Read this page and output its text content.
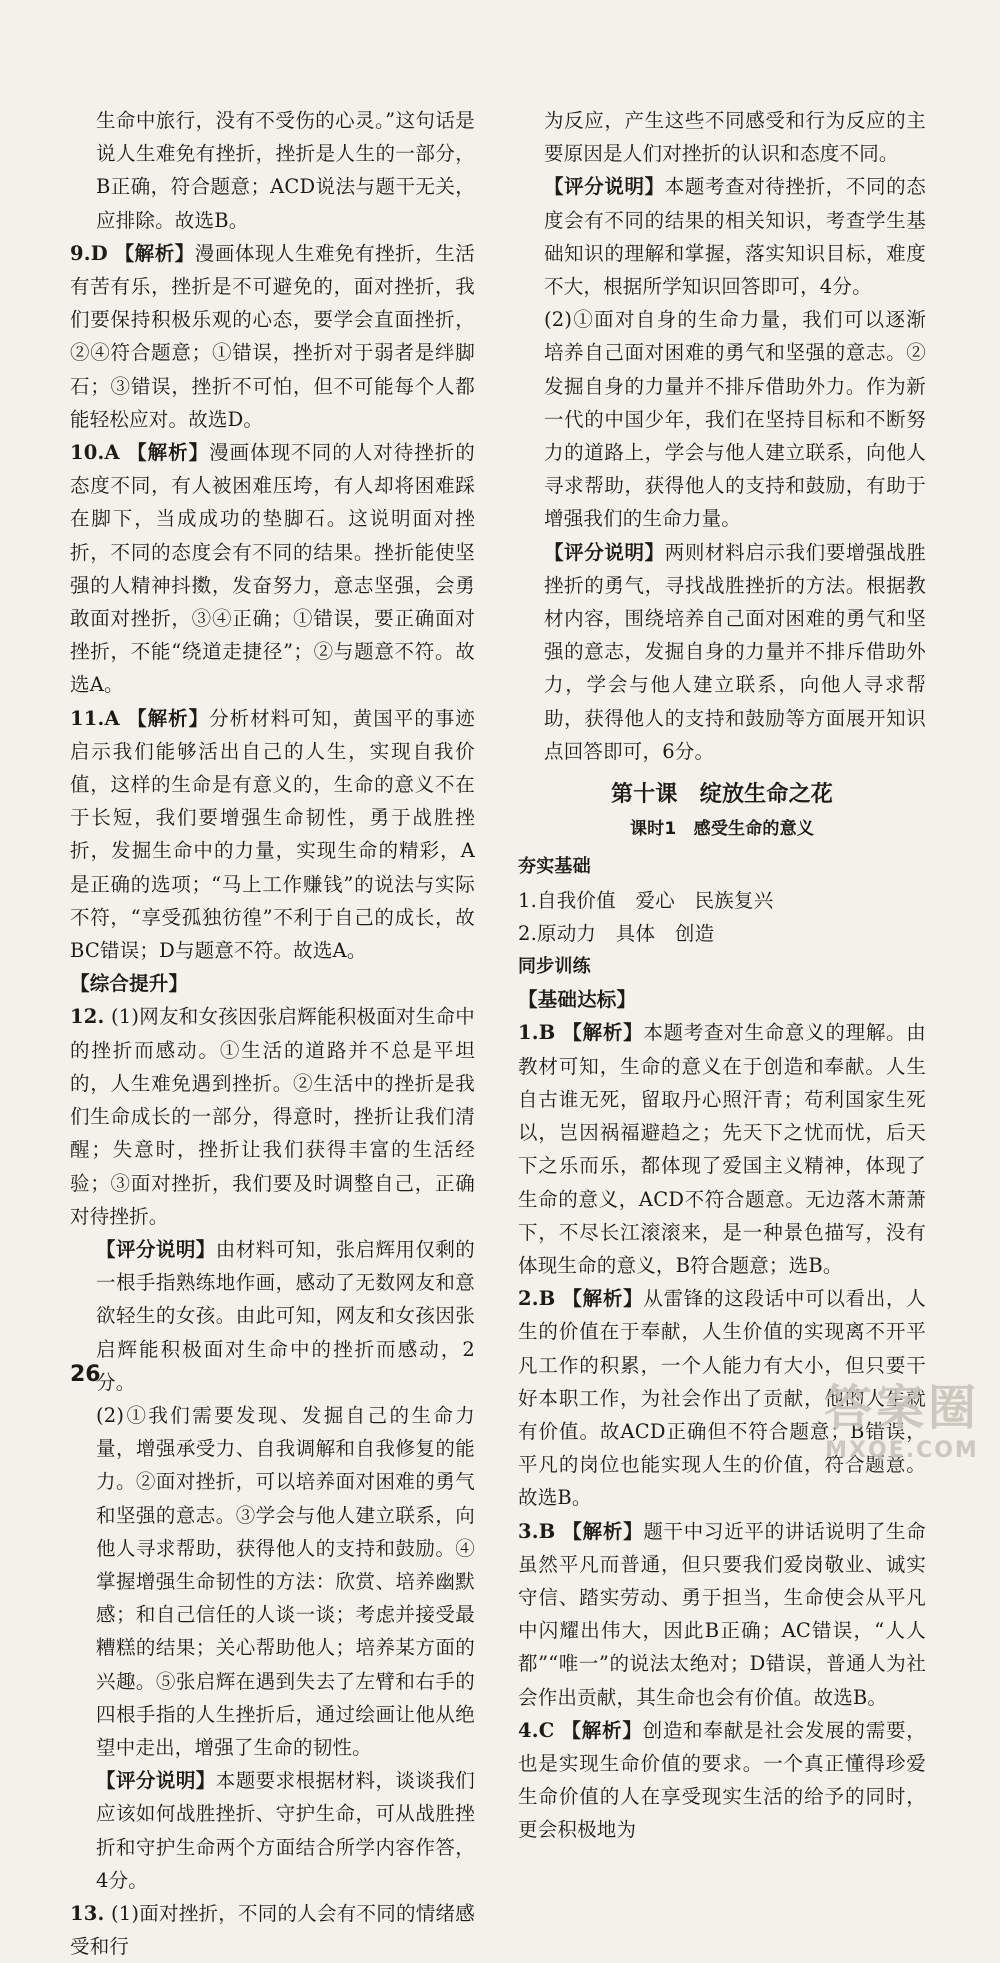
生命中旅行，没有不受伤的心灵。”这句话是说人生难免有挫折，挫折是人生的一部分，B正确，符合题意；ACD说法与题干无关，应排除。故选B。

9.D 【解析】漫画体现人生难免有挫折，生活有苦有乐，挫折是不可避免的，面对挫折，我们要保持积极乐观的心态，要学会直面挫折，②④符合题意；①错误，挫折对于弱者是绊脚石；③错误，挫折不可怕，但不可能每个人都能轻松应对。故选D。

10.A 【解析】漫画体现不同的人对待挫折的态度不同，有人被困难压垮，有人却将困难踩在脚下，当成成功的垫脚石。这说明面对挫折，不同的态度会有不同的结果。挫折能使坚强的人精神抖擞，发奋努力，意志坚强，会勇敢面对挫折，③④正确；①错误，要正确面对挫折，不能“绕道走捷径”；②与题意不符。故选A。

11.A 【解析】分析材料可知，黄国平的事迹启示我们能够活出自己的人生，实现自我价值，这样的生命是有意义的，生命的意义不在于长短，我们要增强生命韧性，勇于战胜挫折，发掘生命中的力量，实现生命的精彩，A是正确的选项；“马上工作赚钱”的说法与实际不符，“享受孤独彷徨”不利于自己的成长，故BC错误；D与题意不符。故选A。

【综合提升】

12. (1)网友和女孩因张启辉能积极面对生命中的挫折而感动。①生活的道路并不总是平坦的，人生难免遇到挫折。②生活中的挫折是我们生命成长的一部分，得意时，挫折让我们清醒；失意时，挫折让我们获得丰富的生活经验；③面对挫折，我们要及时调整自己，正确对待挫折。

【评分说明】由材料可知，张启辉用仅剩的一根手指熟练地作画，感动了无数网友和意欲轻生的女孩。由此可知，网友和女孩因张启辉能积极面对生命中的挫折而感动，2分。

(2)①我们需要发现、发掘自己的生命力量，增强承受力、自我调解和自我修复的能力。②面对挫折，可以培养面对困难的勇气和坚强的意志。③学会与他人建立联系，向他人寻求帮助，获得他人的支持和鼓励。④掌握增强生命韧性的方法：欣赏、培养幽默感；和自己信任的人谈一谈；考虑并接受最糟糕的结果；关心帮助他人；培养某方面的兴趣。⑤张启辉在遇到失去了左臂和右手的四根手指的人生挫折后，通过绘画让他从绝望中走出，增强了生命的韧性。

【评分说明】本题要求根据材料，谈谈我们应该如何战胜挫折、守护生命，可从战胜挫折和守护生命两个方面结合所学内容作答，4分。

13. (1)面对挫折，不同的人会有不同的情绪感受和行

为反应，产生这些不同感受和行为反应的主要原因是人们对挫折的认识和态度不同。

【评分说明】本题考查对待挫折，不同的态度会有不同的结果的相关知识，考查学生基础知识的理解和掌握，落实知识目标，难度不大，根据所学知识回答即可，4分。

(2)①面对自身的生命力量，我们可以逐渐培养自己面对困难的勇气和坚强的意志。②发掘自身的力量并不排斥借助外力。作为新一代的中国少年，我们在坚持目标和不断努力的道路上，学会与他人建立联系，向他人寻求帮助，获得他人的支持和鼓励，有助于增强我们的生命力量。

【评分说明】两则材料启示我们要增强战胜挫折的勇气，寻找战胜挫折的方法。根据教材内容，围绕培养自己面对困难的勇气和坚强的意志，发掘自身的力量并不排斥借助外力，学会与他人建立联系，向他人寻求帮助，获得他人的支持和鼓励等方面展开知识点回答即可，6分。

第十课　绽放生命之花
课时1　感受生命的意义
夯实基础
1.自我价值　爱心　民族复兴
2.原动力　具体　创造
同步训练
【基础达标】

1.B 【解析】本题考查对生命意义的理解。由教材可知，生命的意义在于创造和奉献。人生自古谁无死，留取丹心照汗青；苟利国家生死以，岂因祸福避趋之；先天下之忧而忧，后天下之乐而乐，都体现了爱国主义精神，体现了生命的意义，ACD不符合题意。无边落木萧萧下，不尽长江滚滚来，是一种景色描写，没有体现生命的意义，B符合题意；选B。

2.B 【解析】从雷锋的这段话中可以看出，人生的价值在于奉献，人生价值的实现离不开平凡工作的积累，一个人能力有大小，但只要干好本职工作，为社会作出了贡献，他的人生就有价值。故ACD正确但不符合题意；B错误，平凡的岗位也能实现人生的价值，符合题意。故选B。

3.B 【解析】题干中习近平的讲话说明了生命虽然平凡而普通，但只要我们爱岗敬业、诚实守信、踏实劳动、勇于担当，生命使会从平凡中闪耀出伟大，因此B正确；AC错误，“人人都”“唯一”的说法太绝对；D错误，普通人为社会作出贡献，其生命也会有价值。故选B。

4.C 【解析】创造和奉献是社会发展的需要，也是实现生命价值的要求。一个真正懂得珍爱生命价值的人在享受现实生活的给予的同时，更会积极地为

26
答案圈
MXQE.COM
